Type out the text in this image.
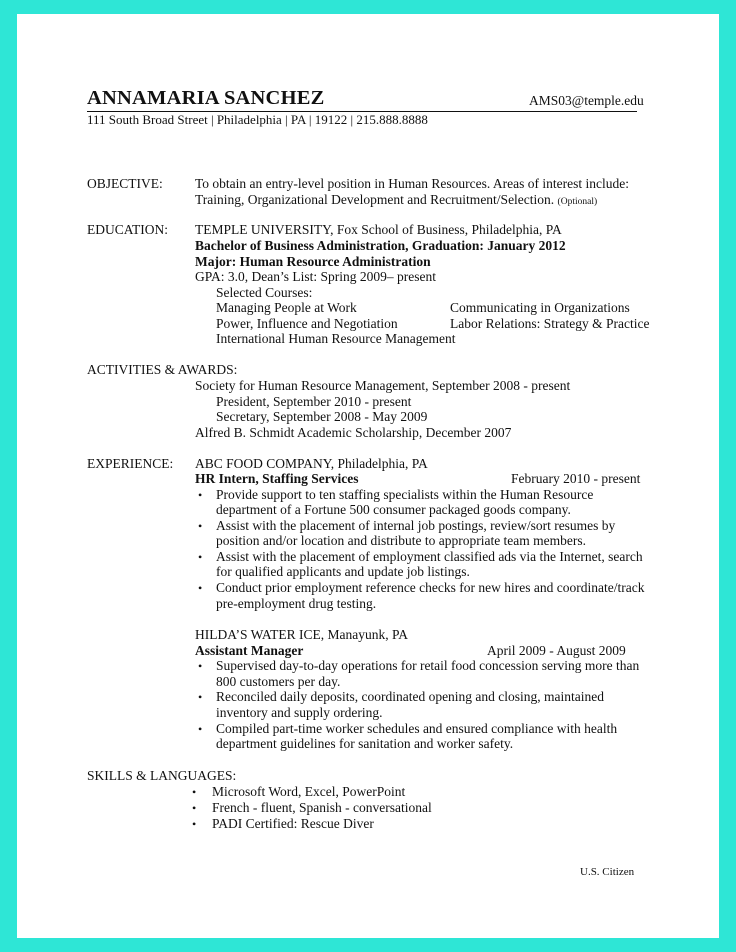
ANNAMARIA SANCHEZ	AMS03@temple.edu
111 South Broad Street | Philadelphia | PA | 19122 | 215.888.8888
OBJECTIVE: To obtain an entry-level position in Human Resources. Areas of interest include:
Training, Organizational Development and Recruitment/Selection. (Optional)
EDUCATION: TEMPLE UNIVERSITY, Fox School of Business, Philadelphia, PA
Bachelor of Business Administration, Graduation: January 2012
Major: Human Resource Administration
GPA: 3.0, Dean’s List: Spring 2009– present
Selected Courses:
Managing People at Work	Communicating in Organizations
Power, Influence and Negotiation	Labor Relations: Strategy & Practice
International Human Resource Management
ACTIVITIES & AWARDS:
Society for Human Resource Management, September 2008 - present
President, September 2010 - present
Secretary, September 2008 - May 2009
Alfred B. Schmidt Academic Scholarship, December 2007
EXPERIENCE: ABC FOOD COMPANY, Philadelphia, PA
HR Intern, Staffing Services	February 2010 - present
• Provide support to ten staffing specialists within the Human Resource
department of a Fortune 500 consumer packaged goods company.
• Assist with the placement of internal job postings, review/sort resumes by
position and/or location and distribute to appropriate team members.
• Assist with the placement of employment classified ads via the Internet, search
for qualified applicants and update job listings.
• Conduct prior employment reference checks for new hires and coordinate/track
pre-employment drug testing.
HILDA’S WATER ICE, Manayunk, PA
Assistant Manager	April 2009 - August 2009
• Supervised day-to-day operations for retail food concession serving more than
800 customers per day.
• Reconciled daily deposits, coordinated opening and closing, maintained
inventory and supply ordering.
• Compiled part-time worker schedules and ensured compliance with health
department guidelines for sanitation and worker safety.
SKILLS & LANGUAGES:
• Microsoft Word, Excel, PowerPoint
• French - fluent, Spanish - conversational
• PADI Certified: Rescue Diver
U.S. Citizen
